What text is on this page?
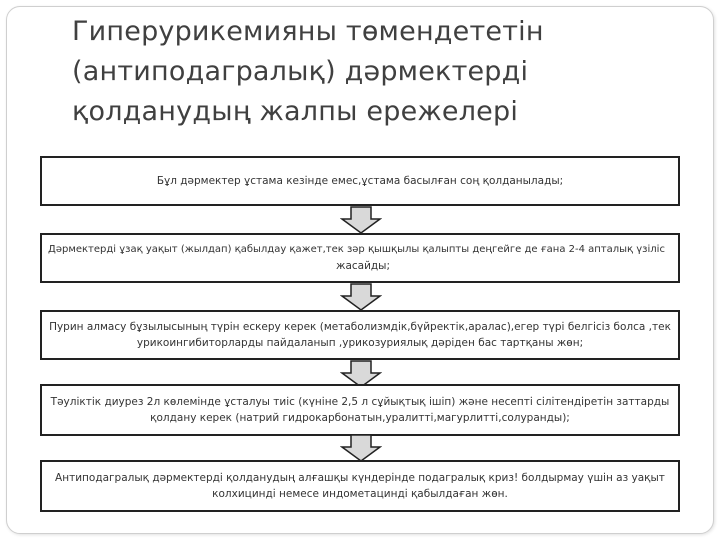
Гиперурикемияны төмендететін
(антиподагралық) дәрмектерді
қолданудың жалпы ережелері
Бұл дәрмектер ұстама кезінде емес,ұстама басылған соң қолданылады;
Дәрмектерді ұзақ уақыт (жылдап) қабылдау қажет,тек зәр қышқылы қалыпты деңгейге де ғана 2-4 апталық үзіліс
жасайды;
Пурин алмасу бұзылысының түрін ескеру керек (метаболизмдік,бүйректік,аралас),егер түрі белгісіз болса ,тек
урикоингибиторларды пайдаланып ,урикозуриялық дәріден бас тартқаны жөн;
Тәуліктік диурез 2л көлемінде ұсталуы тиіс (күніне 2,5 л сұйықтық ішіп) және несепті сілітендіретін заттарды
қолдану керек (натрий гидрокарбонатын,уралитті,магурлитті,солуранды);
Антиподагралық дәрмектерді қолданудың алғашқы күндерінде подагралық криз! болдырмау үшін аз уақыт
колхицинді немесе индометацинді қабылдаған жөн.
